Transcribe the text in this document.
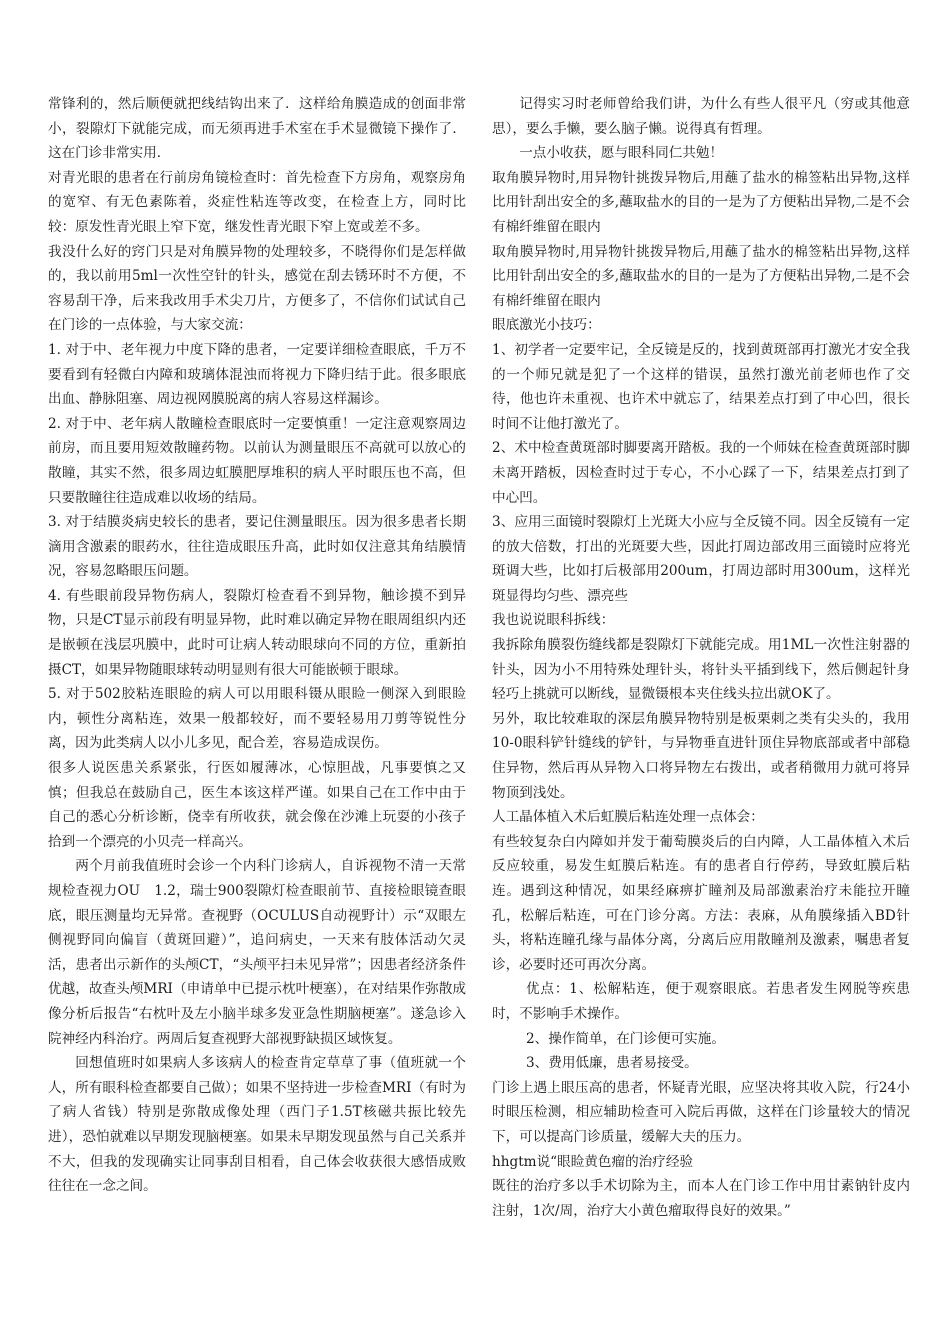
常锋利的，然后顺便就把线结钩出来了．这样给角膜造成的创面非常小，裂隙灯下就能完成，而无须再进手术室在手术显微镜下操作了．这在门诊非常实用．

对青光眼的患者在行前房角镜检查时：首先检查下方房角，观察房角的宽窄、有无色素陈着，炎症性粘连等改变，在检查上方，同时比较：原发性青光眼上窄下宽，继发性青光眼下窄上宽或差不多。

我没什么好的窍门只是对角膜异物的处理较多，不晓得你们是怎样做的，我以前用5ml一次性空针的针头，感觉在刮去锈环时不方便，不容易刮干净，后来我改用手术尖刀片，方便多了，不信你们试试自己在门诊的一点体验，与大家交流：

1. 对于中、老年视力中度下降的患者，一定要详细检查眼底，千万不要看到有轻微白内障和玻璃体混浊而将视力下降归结于此。很多眼底出血、静脉阻塞、周边视网膜脱离的病人容易这样漏诊。

2. 对于中、老年病人散瞳检查眼底时一定要慎重！一定注意观察周边前房，而且要用短效散瞳药物。以前认为测量眼压不高就可以放心的散瞳，其实不然，很多周边虹膜肥厚堆积的病人平时眼压也不高，但只要散瞳往往造成难以收场的结局。

3. 对于结膜炎病史较长的患者，要记住测量眼压。因为很多患者长期滴用含激素的眼药水，往往造成眼压升高，此时如仅注意其角结膜情况，容易忽略眼压问题。

4. 有些眼前段异物伤病人，裂隙灯检查看不到异物，触诊摸不到异物，只是CT显示前段有明显异物，此时难以确定异物在眼周组织内还是嵌顿在浅层巩膜中，此时可让病人转动眼球向不同的方位，重新拍摄CT，如果异物随眼球转动明显则有很大可能嵌顿于眼球。

5. 对于502胶粘连眼睑的病人可以用眼科镊从眼睑一侧深入到眼睑内，顿性分离粘连，效果一般都较好，而不要轻易用刀剪等锐性分离，因为此类病人以小儿多见，配合差，容易造成误伤。

很多人说医患关系紧张，行医如履薄冰，心惊胆战，凡事要慎之又慎；但我总在鼓励自己，医生本该这样严谨。如果自己在工作中由于自己的悉心分析诊断，侥幸有所收获，就会像在沙滩上玩耍的小孩子拾到一个漂亮的小贝壳一样高兴。

两个月前我值班时会诊一个内科门诊病人，自诉视物不清一天常规检查视力OU　1.2，瑞士900裂隙灯检查眼前节、直接检眼镜查眼底，眼压测量均无异常。查视野（OCULUS自动视野计）示“双眼左侧视野同向偏盲（黄斑回避）”，追问病史，一天来有肢体活动欠灵活，患者出示新作的头颅CT，“头颅平扫未见异常”；因患者经济条件优越，故查头颅MRI（申请单中已提示枕叶梗塞），在对结果作弥散成像分析后报告“右枕叶及左小脑半球多发亚急性期脑梗塞”。遂急诊入院神经内科治疗。两周后复查视野大部视野缺损区域恢复。

回想值班时如果病人多该病人的检查肯定草草了事（值班就一个人，所有眼科检查都要自己做）；如果不坚持进一步检查MRI（有时为了病人省钱）特别是弥散成像处理（西门子1.5T核磁共振比较先进），恐怕就难以早期发现脑梗塞。如果未早期发现虽然与自己关系并不大，但我的发现确实让同事刮目相看，自己体会收获很大感悟成败往往在一念之间。

记得实习时老师曾给我们讲，为什么有些人很平凡（穷或其他意思），要么手懒，要么脑子懒。说得真有哲理。

一点小收获，愿与眼科同仁共勉！

取角膜异物时,用异物针挑拨异物后,用蘸了盐水的棉签粘出异物,这样比用针刮出安全的多,蘸取盐水的目的一是为了方便粘出异物,二是不会有棉纤维留在眼内

取角膜异物时,用异物针挑拨异物后,用蘸了盐水的棉签粘出异物,这样比用针刮出安全的多,蘸取盐水的目的一是为了方便粘出异物,二是不会有棉纤维留在眼内

眼底激光小技巧：

1、初学者一定要牢记，全反镜是反的，找到黄斑部再打激光才安全我的一个师兄就是犯了一个这样的错误，虽然打激光前老师也作了交待，他也许未重视、也许术中就忘了，结果差点打到了中心凹，很长时间不让他打激光了。

2、术中检查黄斑部时脚要离开踏板。我的一个师妹在检查黄斑部时脚未离开踏板，因检查时过于专心，不小心踩了一下，结果差点打到了中心凹。

3、应用三面镜时裂隙灯上光斑大小应与全反镜不同。因全反镜有一定的放大倍数，打出的光斑要大些，因此打周边部改用三面镜时应将光斑调大些，比如打后极部用200um，打周边部时用300um，这样光斑显得均匀些、漂亮些

我也说说眼科拆线：

我拆除角膜裂伤缝线都是裂隙灯下就能完成。用1ML一次性注射器的针头，因为小不用特殊处理针头，将针头平插到线下，然后侧起针身轻巧上挑就可以断线，显微镊根本夹住线头拉出就OK了。

另外，取比较难取的深层角膜异物特别是板栗刺之类有尖头的，我用10-0眼科铲针缝线的铲针，与异物垂直进针顶住异物底部或者中部稳住异物，然后再从异物入口将异物左右拨出，或者稍微用力就可将异物顶到浅处。

人工晶体植入术后虹膜后粘连处理一点体会：

有些较复杂白内障如并发于葡萄膜炎后的白内障，人工晶体植入术后反应较重，易发生虹膜后粘连。有的患者自行停药，导致虹膜后粘连。遇到这种情况，如果经麻痹扩瞳剂及局部激素治疗未能拉开瞳孔，松解后粘连，可在门诊分离。方法：表麻，从角膜缘插入BD针头，将粘连瞳孔缘与晶体分离，分离后应用散瞳剂及激素，嘱患者复诊，必要时还可再次分离。

优点：1、松解粘连，便于观察眼底。若患者发生网脱等疾患时，不影响手术操作。

2、操作简单，在门诊便可实施。

3、费用低廉，患者易接受。

门诊上遇上眼压高的患者，怀疑青光眼，应坚决将其收入院，行24小时眼压检测，相应辅助检查可入院后再做，这样在门诊量较大的情况下，可以提高门诊质量，缓解大夫的压力。

hhgtm说“眼睑黄色瘤的治疗经验

既往的治疗多以手术切除为主，而本人在门诊工作中用甘素钠针皮内注射，1次/周，治疗大小黄色瘤取得良好的效果。”
